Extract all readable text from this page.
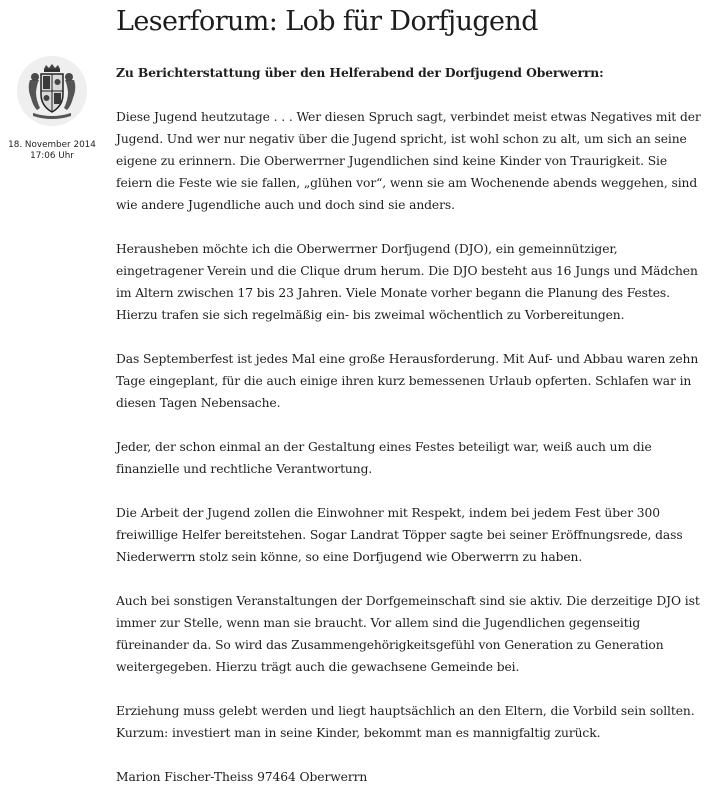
Leserforum: Lob für Dorfjugend
18. November 2014
17:06 Uhr

Zu Berichterstattung über den Helferabend der Dorfjugend Oberwerrn:

Diese Jugend heutzutage . . . Wer diesen Spruch sagt, verbindet meist etwas Negatives mit der Jugend. Und wer nur negativ über die Jugend spricht, ist wohl schon zu alt, um sich an seine eigene zu erinnern. Die Oberwerrner Jugendlichen sind keine Kinder von Traurigkeit. Sie feiern die Feste wie sie fallen, „glühen vor“, wenn sie am Wochenende abends weggehen, sind wie andere Jugendliche auch und doch sind sie anders.

Herausheben möchte ich die Oberwerrner Dorfjugend (DJO), ein gemeinnütziger, eingetragener Verein und die Clique drum herum. Die DJO besteht aus 16 Jungs und Mädchen im Altern zwischen 17 bis 23 Jahren. Viele Monate vorher begann die Planung des Festes. Hierzu trafen sie sich regelmäßig ein- bis zweimal wöchentlich zu Vorbereitungen.

Das Septemberfest ist jedes Mal eine große Herausforderung. Mit Auf- und Abbau waren zehn Tage eingeplant, für die auch einige ihren kurz bemessenen Urlaub opferten. Schlafen war in diesen Tagen Nebensache.

Jeder, der schon einmal an der Gestaltung eines Festes beteiligt war, weiß auch um die finanzielle und rechtliche Verantwortung.

Die Arbeit der Jugend zollen die Einwohner mit Respekt, indem bei jedem Fest über 300 freiwillige Helfer bereitstehen. Sogar Landrat Töpper sagte bei seiner Eröffnungsrede, dass Niederwerrn stolz sein könne, so eine Dorfjugend wie Oberwerrn zu haben.

Auch bei sonstigen Veranstaltungen der Dorfgemeinschaft sind sie aktiv. Die derzeitige DJO ist immer zur Stelle, wenn man sie braucht. Vor allem sind die Jugendlichen gegenseitig füreinander da. So wird das Zusammengehörigkeitsgefühl von Generation zu Generation weitergegeben. Hierzu trägt auch die gewachsene Gemeinde bei.

Erziehung muss gelebt werden und liegt hauptsächlich an den Eltern, die Vorbild sein sollten. Kurzum: investiert man in seine Kinder, bekommt man es mannigfaltig zurück.

Marion Fischer-Theiss 97464 Oberwerrn
